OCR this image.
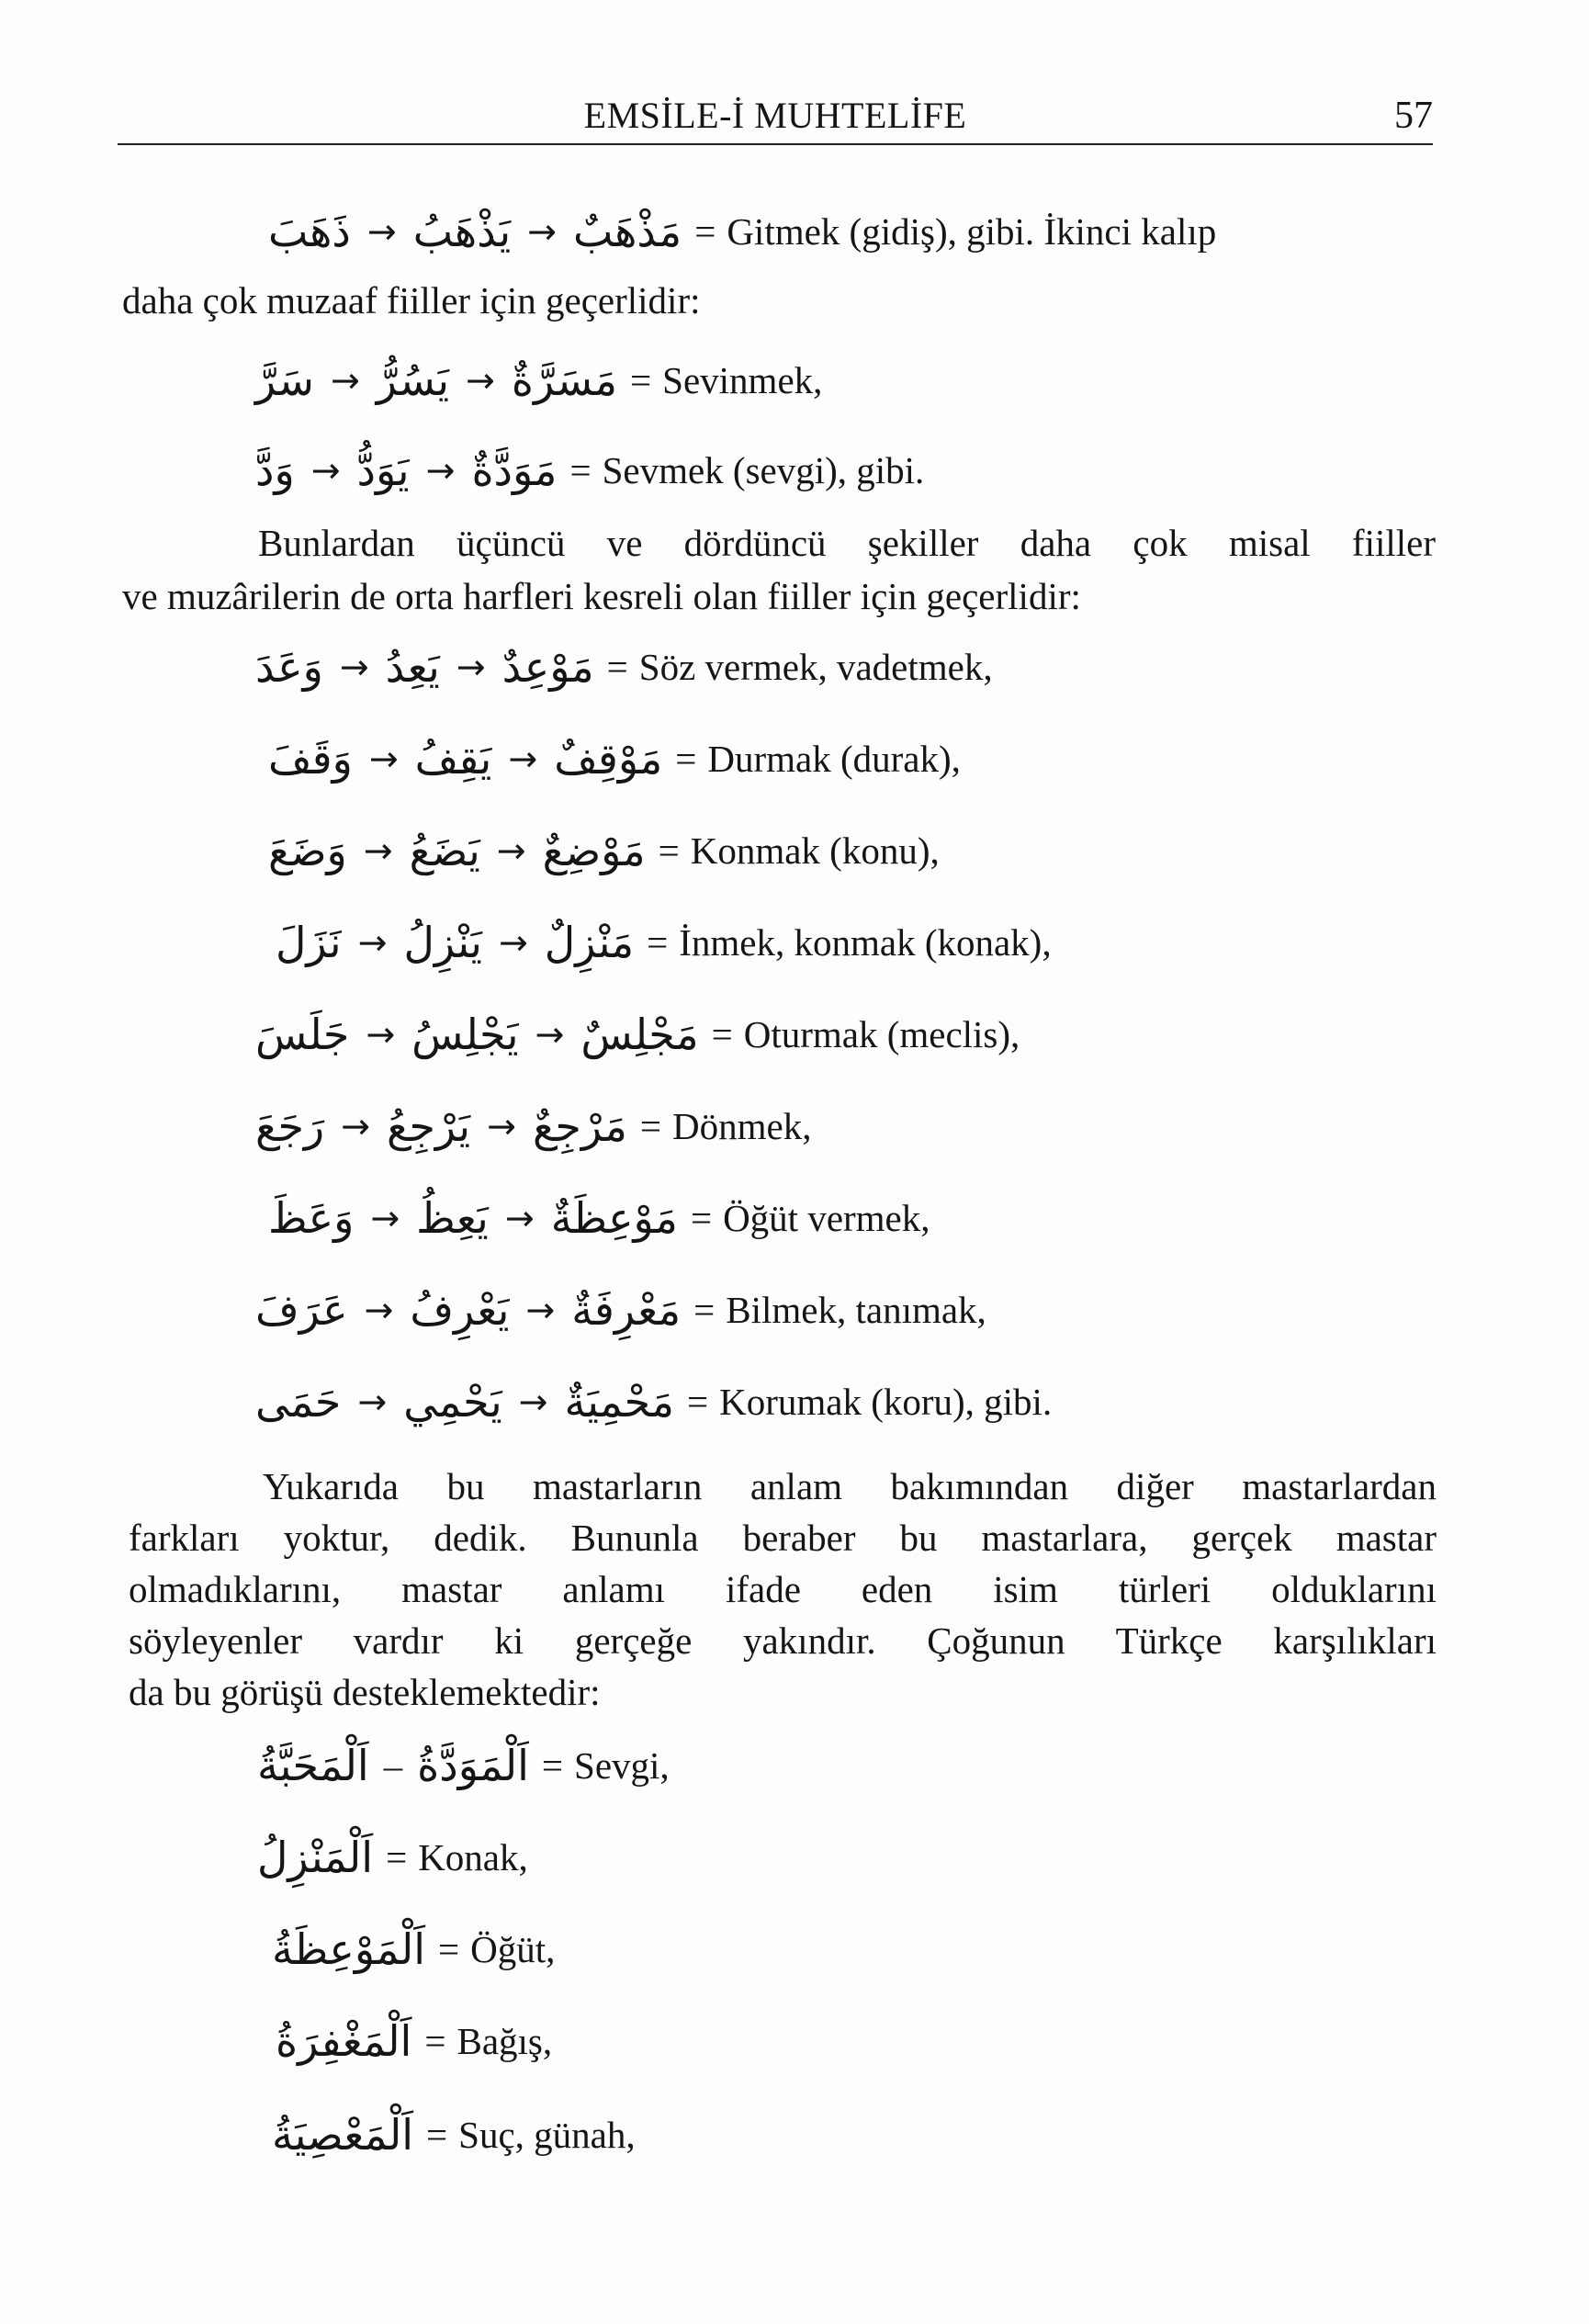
EMSİLE-İ MUHTELİFE	57
ذَهَبَ → يَذْهَبُ → مَذْهَبٌ = Gitmek (gidiş), gibi. İkinci kalıp
daha çok muzaaf fiiller için geçerlidir:
سَرَّ → يَسُرُّ → مَسَرَّةٌ = Sevinmek,
وَدَّ → يَوَدُّ → مَوَدَّةٌ = Sevmek (sevgi), gibi.
Bunlardan üçüncü ve dördüncü şekiller daha çok misal fiiller
ve muzârilerin de orta harfleri kesreli olan fiiller için geçerlidir:
وَعَدَ → يَعِدُ → مَوْعِدٌ = Söz vermek, vadetmek,
وَقَفَ → يَقِفُ → مَوْقِفٌ = Durmak (durak),
وَضَعَ → يَضَعُ → مَوْضِعٌ = Konmak (konu),
نَزَلَ → يَنْزِلُ → مَنْزِلٌ = İnmek, konmak (konak),
جَلَسَ → يَجْلِسُ → مَجْلِسٌ = Oturmak (meclis),
رَجَعَ → يَرْجِعُ → مَرْجِعٌ = Dönmek,
وَعَظَ → يَعِظُ → مَوْعِظَةٌ = Öğüt vermek,
عَرَفَ → يَعْرِفُ → مَعْرِفَةٌ = Bilmek, tanımak,
حَمَى → يَحْمِي → مَحْمِيَةٌ = Korumak (koru), gibi.
Yukarıda bu mastarların anlam bakımından diğer mastarlardan
farkları yoktur, dedik. Bununla beraber bu mastarlara, gerçek mastar
olmadıklarını, mastar anlamı ifade eden isim türleri olduklarını
söyleyenler vardır ki gerçeğe yakındır. Çoğunun Türkçe karşılıkları
da bu görüşü desteklemektedir:
اَلْمَحَبَّةُ – اَلْمَوَدَّةُ = Sevgi,
اَلْمَنْزِلُ = Konak,
اَلْمَوْعِظَةُ = Öğüt,
اَلْمَغْفِرَةُ = Bağış,
اَلْمَعْصِيَةُ = Suç, günah,
